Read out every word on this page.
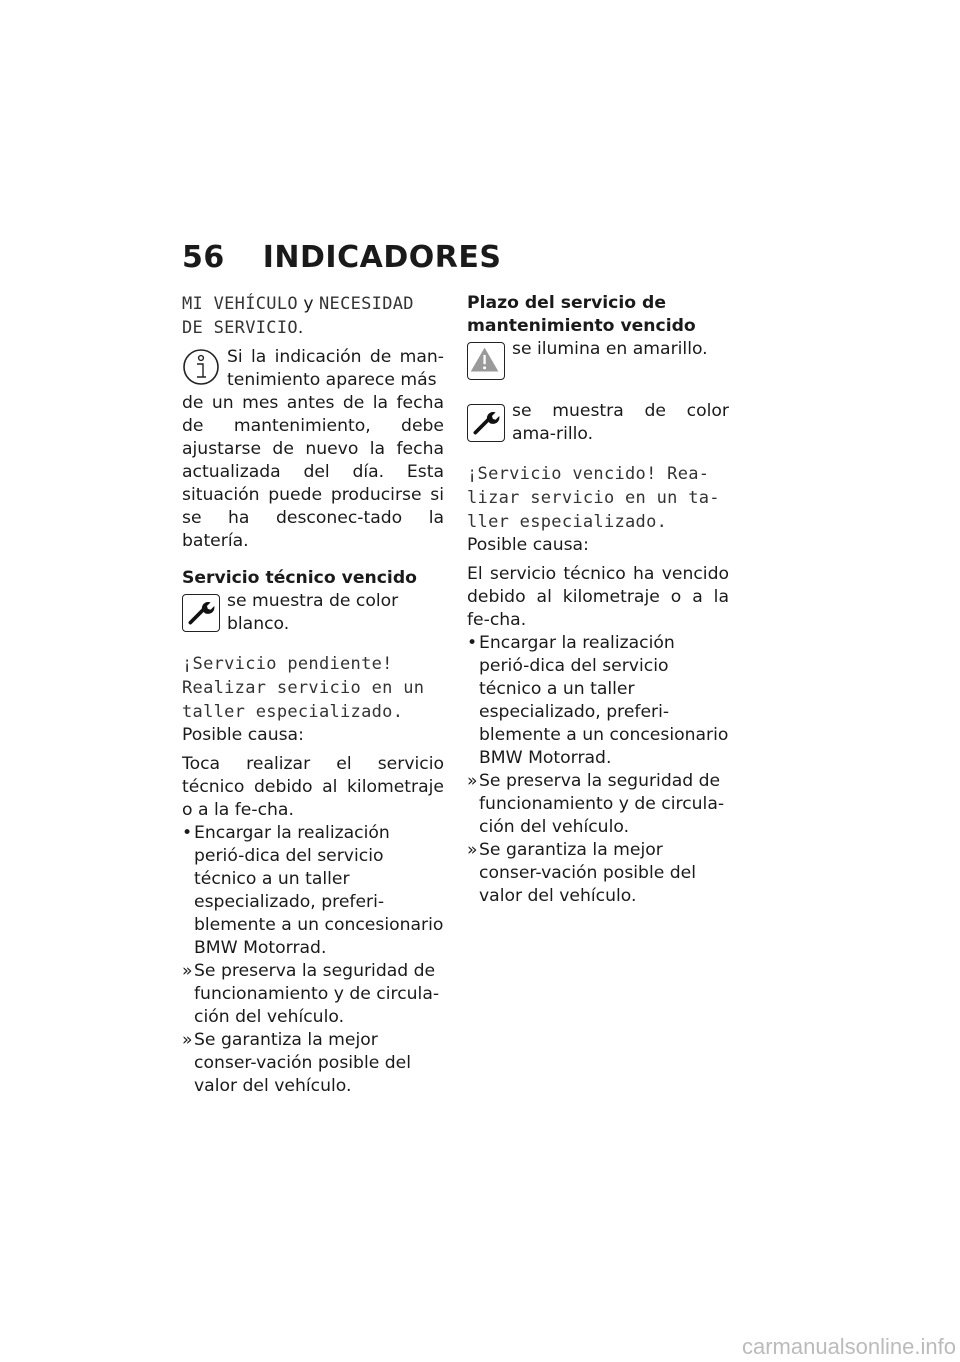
56 INDICADORES

MI VEHÍCULO y NECESIDAD DE SERVICIO.

Si la indicación de man-tenimiento aparece más

de un mes antes de la fecha de mantenimiento, debe ajustarse de nuevo la fecha actualizada del día. Esta situación puede producirse si se ha desconec-tado la batería.

Servicio técnico vencido

se muestra de color blanco.

¡Servicio pendiente! Realizar servicio en un taller especializado.

Posible causa:

Toca realizar el servicio técnico debido al kilometraje o a la fe-cha.

• Encargar la realización perió-dica del servicio técnico a un taller especializado, preferi-blemente a un concesionario BMW Motorrad.
» Se preserva la seguridad de funcionamiento y de circula-ción del vehículo.
» Se garantiza la mejor conser-vación posible del valor del vehículo.
Plazo del servicio de mantenimiento vencido

se ilumina en amarillo.

se muestra de color ama-rillo.

¡Servicio vencido! Rea-lizar servicio en un ta-ller especializado.

Posible causa:

El servicio técnico ha vencido debido al kilometraje o a la fe-cha.

• Encargar la realización perió-dica del servicio técnico a un taller especializado, preferi-blemente a un concesionario BMW Motorrad.
» Se preserva la seguridad de funcionamiento y de circula-ción del vehículo.
» Se garantiza la mejor conser-vación posible del valor del vehículo.
carmanualsonline.info
